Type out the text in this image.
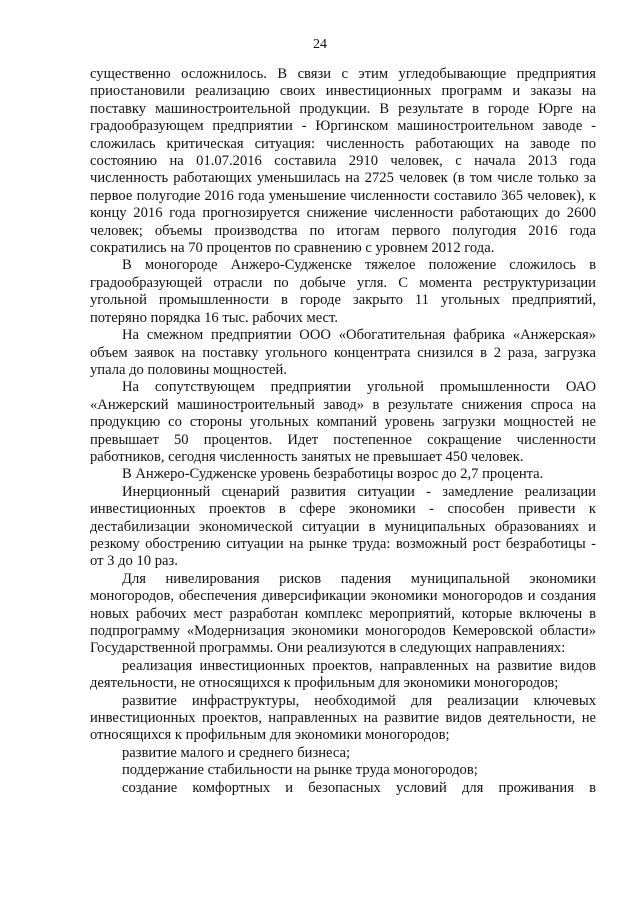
24

существенно осложнилось. В связи с этим угледобывающие предприятия приостановили реализацию своих инвестиционных программ и заказы на поставку машиностроительной продукции. В результате в городе Юрге на градообразующем предприятии - Юргинском машиностроительном заводе - сложилась критическая ситуация: численность работающих на заводе по состоянию на 01.07.2016 составила 2910 человек, с начала 2013 года численность работающих уменьшилась на 2725 человек (в том числе только за первое полугодие 2016 года уменьшение численности составило 365 человек), к концу 2016 года прогнозируется снижение численности работающих до 2600 человек; объемы производства по итогам первого полугодия 2016 года сократились на 70 процентов по сравнению с уровнем 2012 года.

В моногороде Анжеро-Судженске тяжелое положение сложилось в градообразующей отрасли по добыче угля. С момента реструктуризации угольной промышленности в городе закрыто 11 угольных предприятий, потеряно порядка 16 тыс. рабочих мест.

На смежном предприятии ООО «Обогатительная фабрика «Анжерская» объем заявок на поставку угольного концентрата снизился в 2 раза, загрузка упала до половины мощностей.

На сопутствующем предприятии угольной промышленности ОАО «Анжерский машиностроительный завод» в результате снижения спроса на продукцию со стороны угольных компаний уровень загрузки мощностей не превышает 50 процентов. Идет постепенное сокращение численности работников, сегодня численность занятых не превышает 450 человек.

В Анжеро-Судженске уровень безработицы возрос до 2,7 процента.

Инерционный сценарий развития ситуации - замедление реализации инвестиционных проектов в сфере экономики - способен привести к дестабилизации экономической ситуации в муниципальных образованиях и резкому обострению ситуации на рынке труда: возможный рост безработицы - от 3 до 10 раз.

Для нивелирования рисков падения муниципальной экономики моногородов, обеспечения диверсификации экономики моногородов и создания новых рабочих мест разработан комплекс мероприятий, которые включены в подпрограмму «Модернизация экономики моногородов Кемеровской области» Государственной программы. Они реализуются в следующих направлениях:

реализация инвестиционных проектов, направленных на развитие видов деятельности, не относящихся к профильным для экономики моногородов;

развитие инфраструктуры, необходимой для реализации ключевых инвестиционных проектов, направленных на развитие видов деятельности, не относящихся к профильным для экономики моногородов;

развитие малого и среднего бизнеса;

поддержание стабильности на рынке труда моногородов;

создание комфортных и безопасных условий для проживания в
